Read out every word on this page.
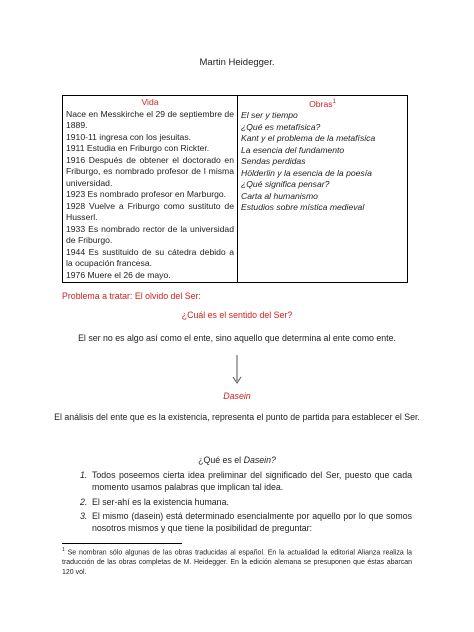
Martin Heidegger.
Vida
Nace en Messkirche el 29 de septiembre de 1889.
1910-11 ingresa con los jesuitas.
1911 Estudia en Friburgo con Rickter.
1916 Después de obtener el doctorado en Friburgo, es nombrado profesor de l misma universidad.
1923 Es nombrado profesor en Marburgo.
1928 Vuelve a Friburgo como sustituto de Husserl.
1933 Es nombrado rector de la universidad de Friburgo.
1944 Es sustituido de su cátedra debido a la ocupación francesa.
1976 Muere el 26 de mayo.

Obras$^1$
El ser y tiempo
¿Qué es metafísica?
Kant y el problema de la metafísica
La esencia del fundamento
Sendas perdidas
Hölderlin y la esencia de la poesía
¿Qué significa pensar?
Carta al humanismo
Estudios sobre mística medieval
Problema a tratar: El olvido del Ser:
¿Cuál es el sentido del Ser?
El ser no es algo así como el ente, sino aquello que determina al ente como ente.
Dasein
El análisis del ente que es la existencia, representa el punto de partida para establecer el Ser.
¿Qué es el Dasein?
1. Todos poseemos cierta idea preliminar del significado del Ser, puesto que cada momento usamos palabras que implican tal idea.
2. El ser-ahí es la existencia humana.
3. El mismo (dasein) está determinado esencialmente por aquello por lo que somos nosotros mismos y que tiene la posibilidad de preguntar:
$^1$ Se nombran sólo algunas de las obras traducidas al español. En la actualidad la editorial Alianza realiza la traducción de las obras completas de M. Heidegger. En la edición alemana se presuponen que éstas abarcan 120 vol.
